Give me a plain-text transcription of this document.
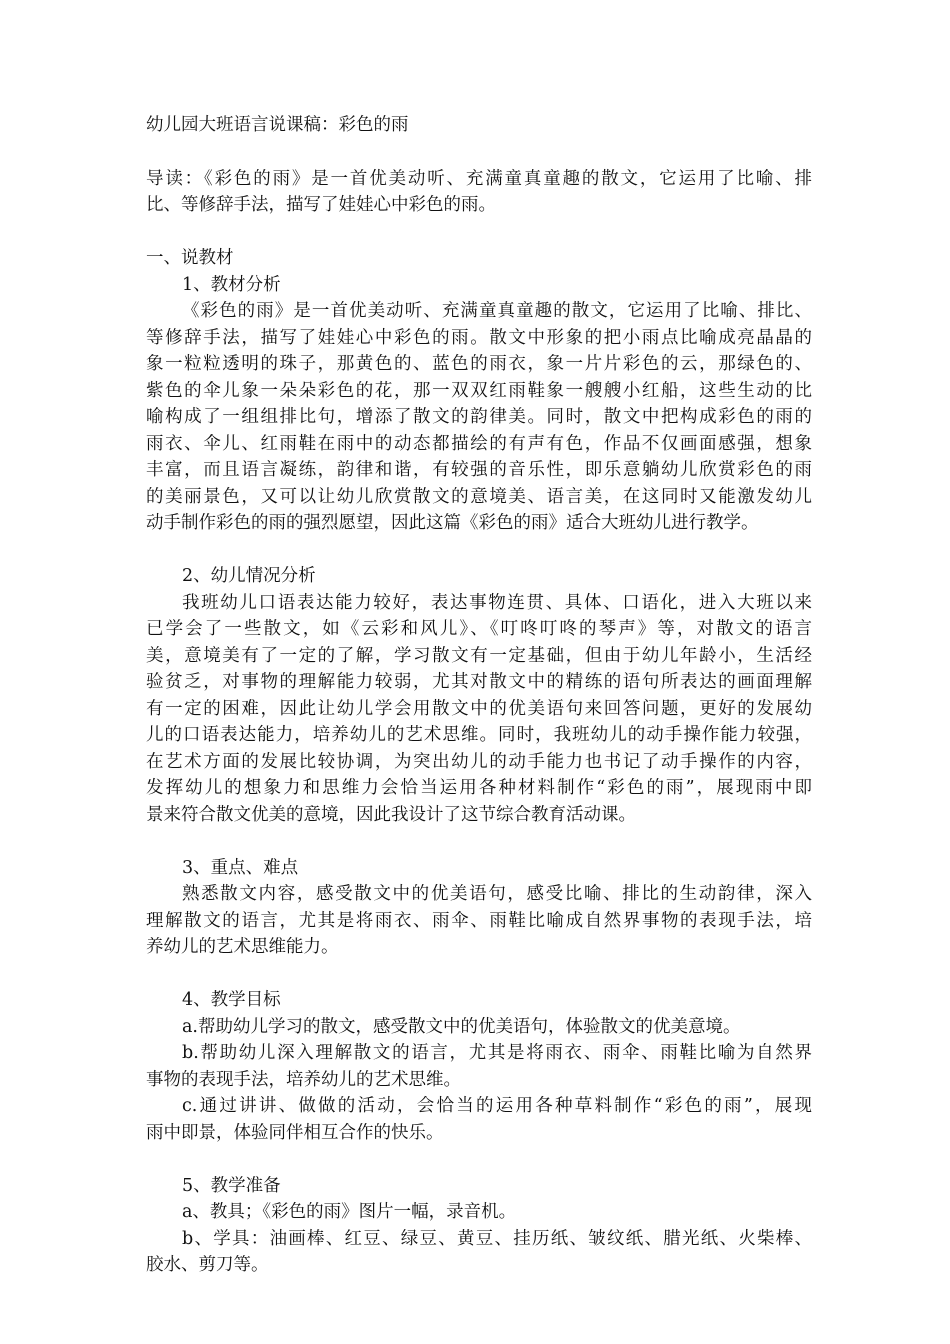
幼儿园大班语言说课稿：彩色的雨
导读：《彩色的雨》是一首优美动听、充满童真童趣的散文，它运用了比喻、排
比、等修辞手法，描写了娃娃心中彩色的雨。
一、说教材
1、教材分析
《彩色的雨》是一首优美动听、充满童真童趣的散文，它运用了比喻、排比、
等修辞手法，描写了娃娃心中彩色的雨。散文中形象的把小雨点比喻成亮晶晶的
象一粒粒透明的珠子，那黄色的、蓝色的雨衣，象一片片彩色的云，那绿色的、
紫色的伞儿象一朵朵彩色的花，那一双双红雨鞋象一艘艘小红船，这些生动的比
喻构成了一组组排比句，增添了散文的韵律美。同时，散文中把构成彩色的雨的
雨衣、伞儿、红雨鞋在雨中的动态都描绘的有声有色，作品不仅画面感强，想象
丰富，而且语言凝练，韵律和谐，有较强的音乐性，即乐意躺幼儿欣赏彩色的雨
的美丽景色，又可以让幼儿欣赏散文的意境美、语言美，在这同时又能激发幼儿
动手制作彩色的雨的强烈愿望，因此这篇《彩色的雨》适合大班幼儿进行教学。
2、幼儿情况分析
我班幼儿口语表达能力较好，表达事物连贯、具体、口语化，进入大班以来
已学会了一些散文，如《云彩和风儿》、《叮咚叮咚的琴声》等，对散文的语言
美，意境美有了一定的了解，学习散文有一定基础，但由于幼儿年龄小，生活经
验贫乏，对事物的理解能力较弱，尤其对散文中的精练的语句所表达的画面理解
有一定的困难，因此让幼儿学会用散文中的优美语句来回答问题，更好的发展幼
儿的口语表达能力，培养幼儿的艺术思维。同时，我班幼儿的动手操作能力较强，
在艺术方面的发展比较协调，为突出幼儿的动手能力也书记了动手操作的内容，
发挥幼儿的想象力和思维力会恰当运用各种材料制作“彩色的雨”，展现雨中即
景来符合散文优美的意境，因此我设计了这节综合教育活动课。
3、重点、难点
熟悉散文内容，感受散文中的优美语句，感受比喻、排比的生动韵律，深入
理解散文的语言，尤其是将雨衣、雨伞、雨鞋比喻成自然界事物的表现手法，培
养幼儿的艺术思维能力。
4、教学目标
a.帮助幼儿学习的散文，感受散文中的优美语句，体验散文的优美意境。
b.帮助幼儿深入理解散文的语言，尤其是将雨衣、雨伞、雨鞋比喻为自然界
事物的表现手法，培养幼儿的艺术思维。
c.通过讲讲、做做的活动，会恰当的运用各种草料制作“彩色的雨”，展现
雨中即景，体验同伴相互合作的快乐。
5、教学准备
a、教具；《彩色的雨》图片一幅，录音机。
b、学具：油画棒、红豆、绿豆、黄豆、挂历纸、皱纹纸、腊光纸、火柴棒、
胶水、剪刀等。
